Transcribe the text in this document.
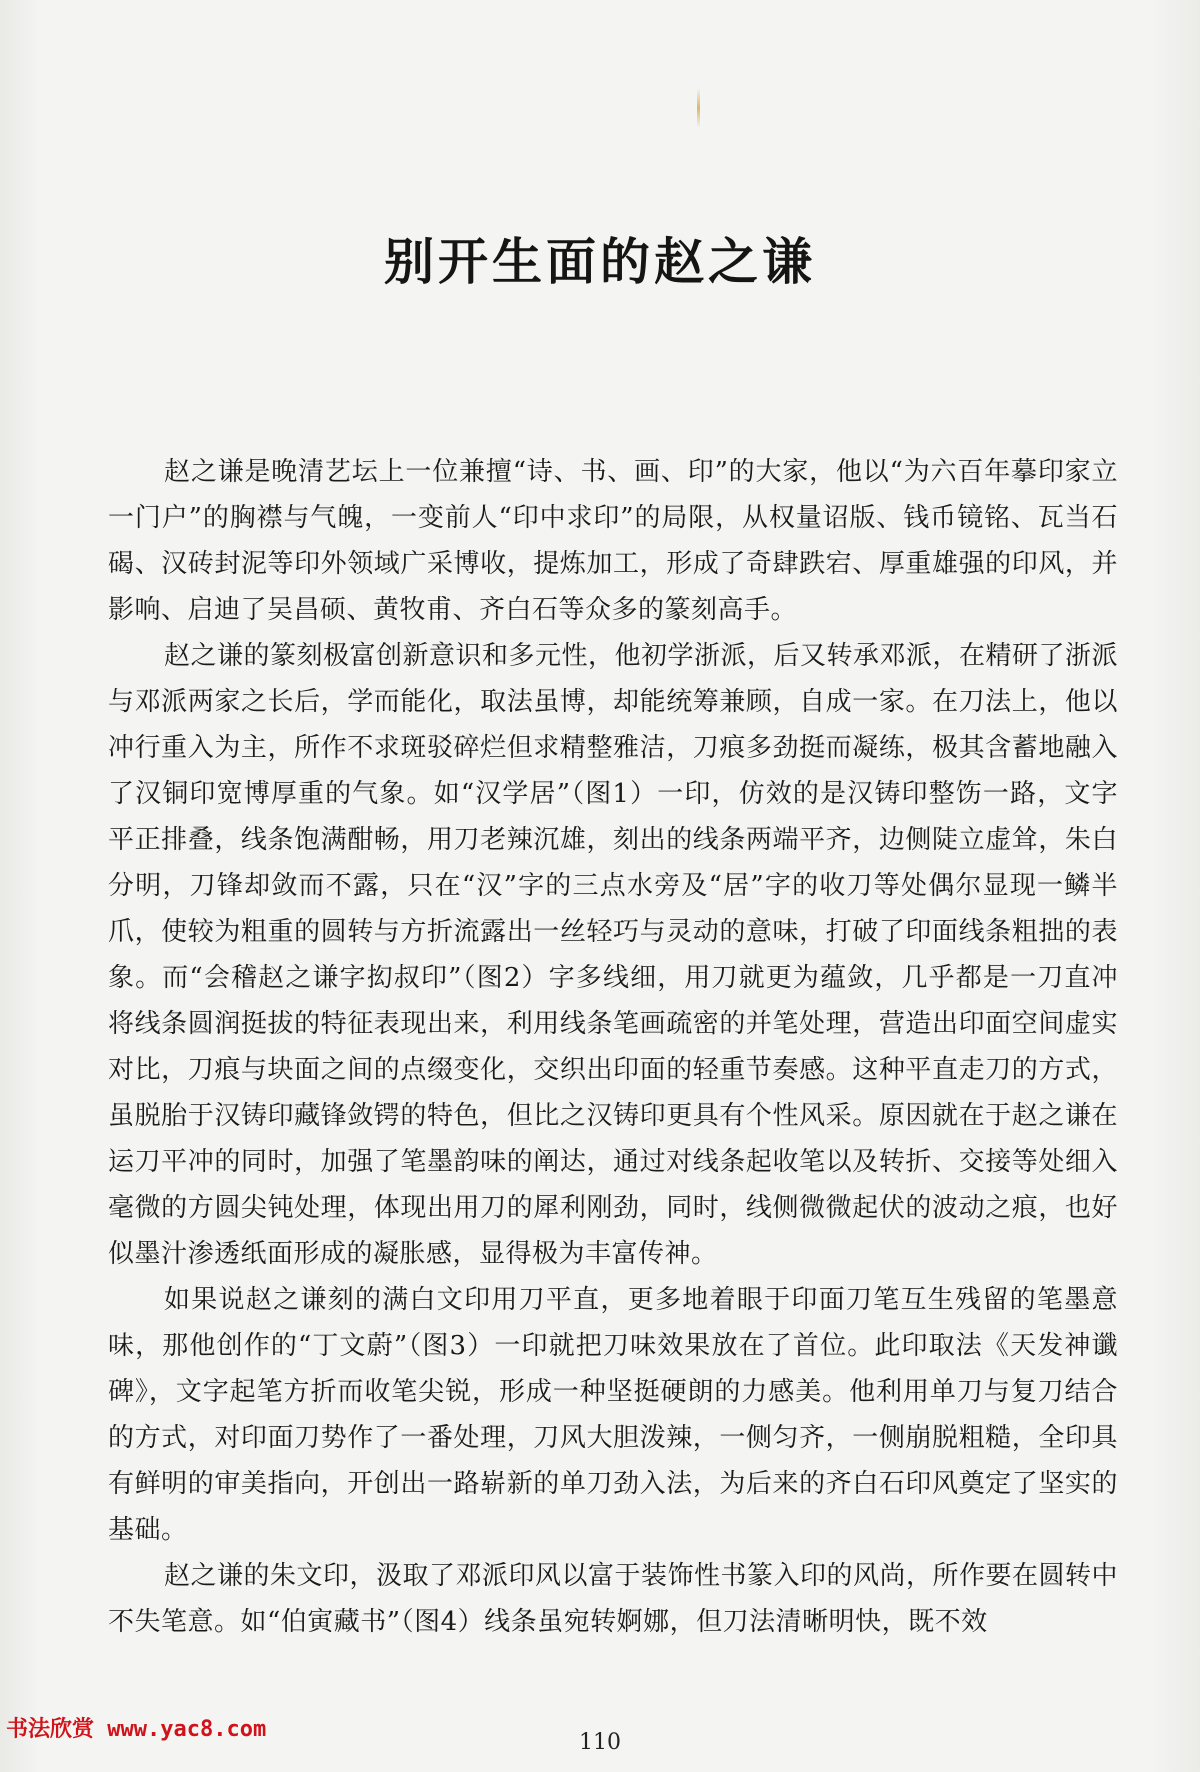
别开生面的赵之谦

赵之谦是晚清艺坛上一位兼擅“诗、书、画、印”的大家，他以“为六百年摹印家立一门户”的胸襟与气魄，一变前人“印中求印”的局限，从权量诏版、钱币镜铭、瓦当石碣、汉砖封泥等印外领域广采博收，提炼加工，形成了奇肆跌宕、厚重雄强的印风，并影响、启迪了吴昌硕、黄牧甫、齐白石等众多的篆刻高手。

赵之谦的篆刻极富创新意识和多元性，他初学浙派，后又转承邓派，在精研了浙派与邓派两家之长后，学而能化，取法虽博，却能统筹兼顾，自成一家。在刀法上，他以冲行重入为主，所作不求斑驳碎烂但求精整雅洁，刀痕多劲挺而凝练，极其含蓄地融入了汉铜印宽博厚重的气象。如“汉学居”（图1）一印，仿效的是汉铸印整饬一路，文字平正排叠，线条饱满酣畅，用刀老辣沉雄，刻出的线条两端平齐，边侧陡立虚耸，朱白分明，刀锋却敛而不露，只在“汉”字的三点水旁及“居”字的收刀等处偶尔显现一鳞半爪，使较为粗重的圆转与方折流露出一丝轻巧与灵动的意味，打破了印面线条粗拙的表象。而“会稽赵之谦字抝叔印”（图2）字多线细，用刀就更为蕴敛，几乎都是一刀直冲将线条圆润挺拔的特征表现出来，利用线条笔画疏密的并笔处理，营造出印面空间虚实对比，刀痕与块面之间的点缀变化，交织出印面的轻重节奏感。这种平直走刀的方式，虽脱胎于汉铸印藏锋敛锷的特色，但比之汉铸印更具有个性风采。原因就在于赵之谦在运刀平冲的同时，加强了笔墨韵味的阐达，通过对线条起收笔以及转折、交接等处细入毫微的方圆尖钝处理，体现出用刀的犀利刚劲，同时，线侧微微起伏的波动之痕，也好似墨汁渗透纸面形成的凝胀感，显得极为丰富传神。

如果说赵之谦刻的满白文印用刀平直，更多地着眼于印面刀笔互生残留的笔墨意味，那他创作的“丁文蔚”（图3）一印就把刀味效果放在了首位。此印取法《天发神谶碑》，文字起笔方折而收笔尖锐，形成一种坚挺硬朗的力感美。他利用单刀与复刀结合的方式，对印面刀势作了一番处理，刀风大胆泼辣，一侧匀齐，一侧崩脱粗糙，全印具有鲜明的审美指向，开创出一路崭新的单刀劲入法，为后来的齐白石印风奠定了坚实的基础。

赵之谦的朱文印，汲取了邓派印风以富于装饰性书篆入印的风尚，所作要在圆转中不失笔意。如“伯寅藏书”（图4）线条虽宛转婀娜，但刀法清晰明快，既不效

书法欣赏 www.yac8.com
110
